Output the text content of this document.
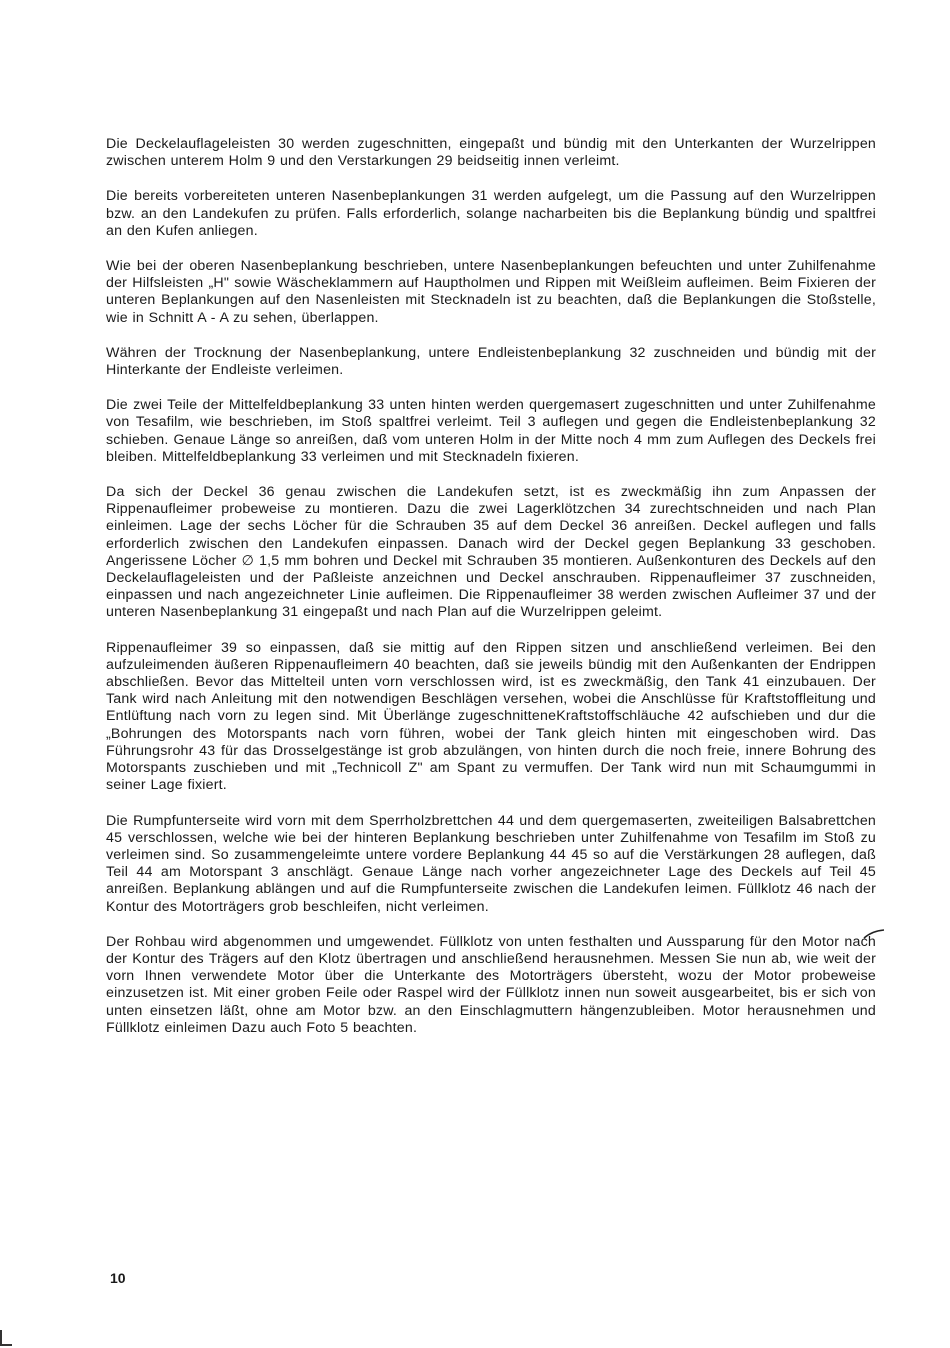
Die Deckelauflageleisten 30 werden zugeschnitten, eingepaßt und bündig mit den Unterkanten der Wurzelrippen zwischen unterem Holm 9 und den Verstarkungen 29 beidseitig innen verleimt.

Die bereits vorbereiteten unteren Nasenbeplankungen 31 werden aufgelegt, um die Passung auf den Wurzelrippen bzw. an den Landekufen zu prüfen. Falls erforderlich, solange nacharbeiten bis die Beplankung bündig und spaltfrei an den Kufen anliegen.

Wie bei der oberen Nasenbeplankung beschrieben, untere Nasenbeplankungen befeuchten und unter Zuhilfenahme der Hilfsleisten „H" sowie Wäscheklammern auf Hauptholmen und Rippen mit Weißleim aufleimen. Beim Fixieren der unteren Beplankungen auf den Nasenleisten mit Stecknadeln ist zu beachten, daß die Beplankungen die Stoßstelle, wie in Schnitt A - A zu sehen, überlappen.

Währen der Trocknung der Nasenbeplankung, untere Endleistenbeplankung 32 zuschneiden und bündig mit der Hinterkante der Endleiste verleimen.

Die zwei Teile der Mittelfeldbeplankung 33 unten hinten werden quergemasert zugeschnitten und unter Zuhilfenahme von Tesafilm, wie beschrieben, im Stoß spaltfrei verleimt. Teil 3 auflegen und gegen die Endleistenbeplankung 32 schieben. Genaue Länge so anreißen, daß vom unteren Holm in der Mitte noch 4 mm zum Auflegen des Deckels frei bleiben. Mittelfeldbeplankung 33 verleimen und mit Stecknadeln fixieren.

Da sich der Deckel 36 genau zwischen die Landekufen setzt, ist es zweckmäßig ihn zum Anpassen der Rippenaufleimer probeweise zu montieren. Dazu die zwei Lagerklötzchen 34 zurechtschneiden und nach Plan einleimen. Lage der sechs Löcher für die Schrauben 35 auf dem Deckel 36 anreißen. Deckel auflegen und falls erforderlich zwischen den Landekufen einpassen. Danach wird der Deckel gegen Beplankung 33 geschoben. Angerissene Löcher ∅ 1,5 mm bohren und Deckel mit Schrauben 35 montieren. Außenkonturen des Deckels auf den Deckelauflageleisten und der Paßleiste anzeichnen und Deckel anschrauben. Rippenaufleimer 37 zuschneiden, einpassen und nach angezeichneter Linie aufleimen. Die Rippenaufleimer 38 werden zwischen Aufleimer 37 und der unteren Nasenbeplankung 31 eingepaßt und nach Plan auf die Wurzelrippen geleimt.

Rippenaufleimer 39 so einpassen, daß sie mittig auf den Rippen sitzen und anschließend verleimen. Bei den aufzuleimenden äußeren Rippenaufleimern 40 beachten, daß sie jeweils bündig mit den Außenkanten der Endrippen abschließen. Bevor das Mittelteil unten vorn verschlossen wird, ist es zweckmäßig, den Tank 41 einzubauen. Der Tank wird nach Anleitung mit den notwendigen Beschlägen versehen, wobei die Anschlüsse für Kraftstoffleitung und Entlüftung nach vorn zu legen sind. Mit Überlänge zugeschnitteneKraftstoffschläuche 42 aufschieben und dur die „Bohrungen des Motorspants nach vorn führen, wobei der Tank gleich hinten mit eingeschoben wird. Das Führungsrohr 43 für das Drosselgestänge ist grob abzulängen, von hinten durch die noch freie, innere Bohrung des Motorspants zuschieben und mit „Technicoll Z" am Spant zu vermuffen. Der Tank wird nun mit Schaumgummi in seiner Lage fixiert.

Die Rumpfunterseite wird vorn mit dem Sperrholzbrettchen 44 und dem quergemaserten, zweiteiligen Balsabrettchen 45 verschlossen, welche wie bei der hinteren Beplankung beschrieben unter Zuhilfenahme von Tesafilm im Stoß zu verleimen sind. So zusammengeleimte untere vordere Beplankung 44 45 so auf die Verstärkungen 28 auflegen, daß Teil 44 am Motorspant 3 anschlägt. Genaue Länge nach vorher angezeichneter Lage des Deckels auf Teil 45 anreißen. Beplankung ablängen und auf die Rumpfunterseite zwischen die Landekufen leimen. Füllklotz 46 nach der Kontur des Motorträgers grob beschleifen, nicht verleimen.

Der Rohbau wird abgenommen und umgewendet. Füllklotz von unten festhalten und Aussparung für den Motor nach der Kontur des Trägers auf den Klotz übertragen und anschließend herausnehmen. Messen Sie nun ab, wie weit der vorn Ihnen verwendete Motor über die Unterkante des Motorträgers übersteht, wozu der Motor probeweise einzusetzen ist. Mit einer groben Feile oder Raspel wird der Füllklotz innen nun soweit ausgearbeitet, bis er sich von unten einsetzen läßt, ohne am Motor bzw. an den Einschlagmuttern hängenzubleiben. Motor herausnehmen und Füllklotz einleimen Dazu auch Foto 5 beachten.

10
